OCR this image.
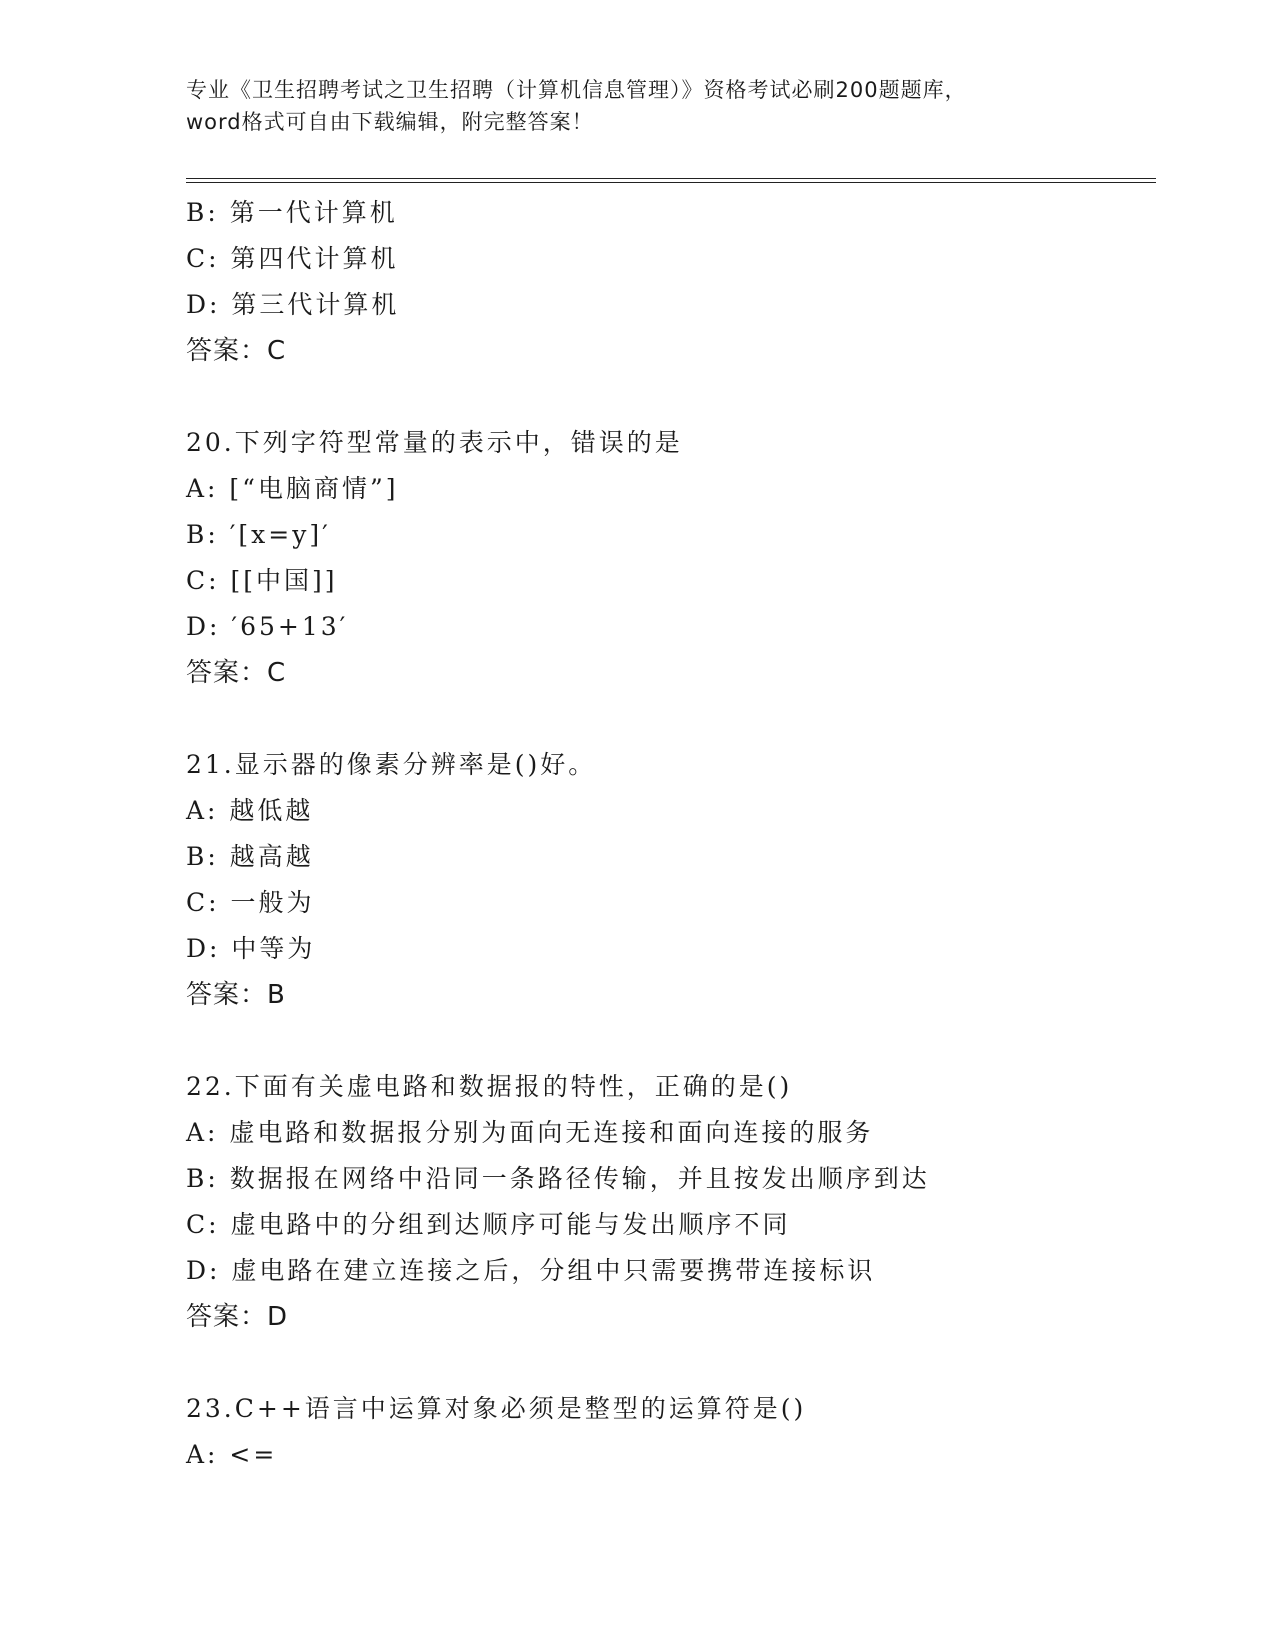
专业《卫生招聘考试之卫生招聘（计算机信息管理）》资格考试必刷200题题库，
word格式可自由下载编辑，附完整答案！
B: 第一代计算机
C: 第四代计算机
D: 第三代计算机
答案：C
20.下列字符型常量的表示中，错误的是
A: [“电脑商情”]
B: ′[x=y]′
C: [[中国]]
D: ′65+13′
答案：C
21.显示器的像素分辨率是()好。
A: 越低越
B: 越高越
C: 一般为
D: 中等为
答案：B
22.下面有关虚电路和数据报的特性，正确的是()
A: 虚电路和数据报分别为面向无连接和面向连接的服务
B: 数据报在网络中沿同一条路径传输，并且按发出顺序到达
C: 虚电路中的分组到达顺序可能与发出顺序不同
D: 虚电路在建立连接之后，分组中只需要携带连接标识
答案：D
23.C++语言中运算对象必须是整型的运算符是()
A: <=
